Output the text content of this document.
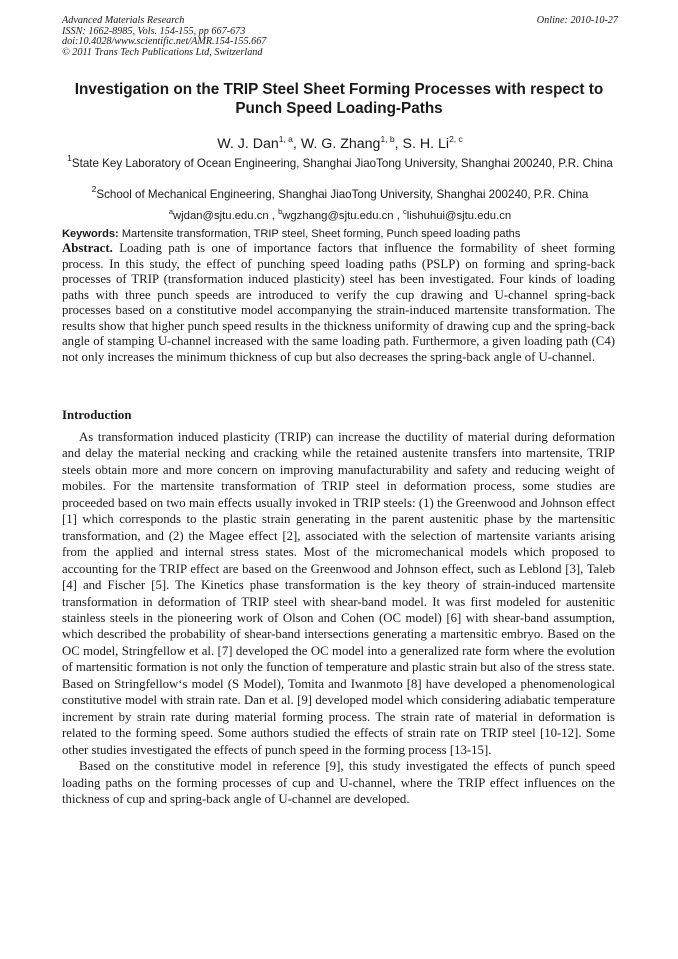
Advanced Materials Research
ISSN: 1662-8985, Vols. 154-155, pp 667-673
doi:10.4028/www.scientific.net/AMR.154-155.667
© 2011 Trans Tech Publications Ltd, Switzerland
Online: 2010-10-27
Investigation on the TRIP Steel Sheet Forming Processes with respect to Punch Speed Loading-Paths
W. J. Dan$^{1, a}$, W. G. Zhang$^{1, b}$, S. H. Li$^{2, c}$
$^1$State Key Laboratory of Ocean Engineering, Shanghai JiaoTong University, Shanghai 200240, P.R. China
$^2$School of Mechanical Engineering, Shanghai JiaoTong University, Shanghai 200240, P.R. China
$^a$wjdan@sjtu.edu.cn , $^b$wgzhang@sjtu.edu.cn , $^c$lishuhui@sjtu.edu.cn
Keywords: Martensite transformation, TRIP steel, Sheet forming, Punch speed loading paths

Abstract. Loading path is one of importance factors that influence the formability of sheet forming process. In this study, the effect of punching speed loading paths (PSLP) on forming and spring-back processes of TRIP (transformation induced plasticity) steel has been investigated. Four kinds of loading paths with three punch speeds are introduced to verify the cup drawing and U-channel spring-back processes based on a constitutive model accompanying the strain-induced martensite transformation. The results show that higher punch speed results in the thickness uniformity of drawing cup and the spring-back angle of stamping U-channel increased with the same loading path. Furthermore, a given loading path (C4) not only increases the minimum thickness of cup but also decreases the spring-back angle of U-channel.

Introduction

As transformation induced plasticity (TRIP) can increase the ductility of material during deformation and delay the material necking and cracking while the retained austenite transfers into martensite, TRIP steels obtain more and more concern on improving manufacturability and safety and reducing weight of mobiles. For the martensite transformation of TRIP steel in deformation process, some studies are proceeded based on two main effects usually invoked in TRIP steels: (1) the Greenwood and Johnson effect [1] which corresponds to the plastic strain generating in the parent austenitic phase by the martensitic transformation, and (2) the Magee effect [2], associated with the selection of martensite variants arising from the applied and internal stress states. Most of the micromechanical models which proposed to accounting for the TRIP effect are based on the Greenwood and Johnson effect, such as Leblond [3], Taleb [4] and Fischer [5]. The Kinetics phase transformation is the key theory of strain-induced martensite transformation in deformation of TRIP steel with shear-band model. It was first modeled for austenitic stainless steels in the pioneering work of Olson and Cohen (OC model) [6] with shear-band assumption, which described the probability of shear-band intersections generating a martensitic embryo. Based on the OC model, Stringfellow et al. [7] developed the OC model into a generalized rate form where the evolution of martensitic formation is not only the function of temperature and plastic strain but also of the stress state. Based on Stringfellow‘s model (S Model), Tomita and Iwanmoto [8] have developed a phenomenological constitutive model with strain rate. Dan et al. [9] developed model which considering adiabatic temperature increment by strain rate during material forming process. The strain rate of material in deformation is related to the forming speed. Some authors studied the effects of strain rate on TRIP steel [10-12]. Some other studies investigated the effects of punch speed in the forming process [13-15].

Based on the constitutive model in reference [9], this study investigated the effects of punch speed loading paths on the forming processes of cup and U-channel, where the TRIP effect influences on the thickness of cup and spring-back angle of U-channel are developed.
